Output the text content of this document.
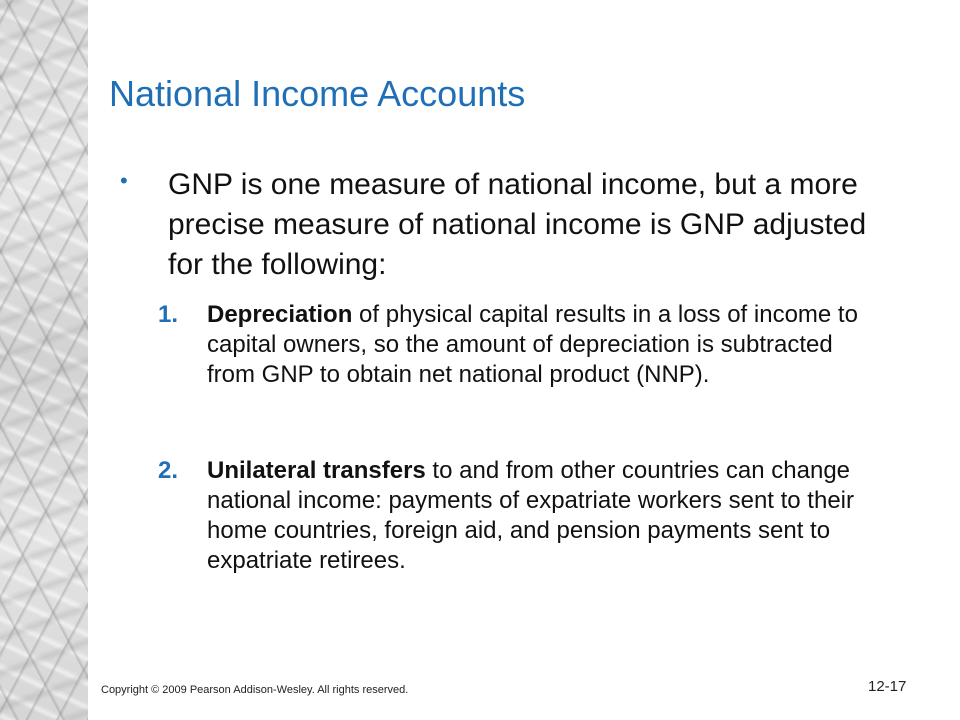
National Income Accounts
• GNP is one measure of national income, but a more precise measure of national income is GNP adjusted for the following:
1. Depreciation of physical capital results in a loss of income to capital owners, so the amount of depreciation is subtracted from GNP to obtain net national product (NNP).
2. Unilateral transfers to and from other countries can change national income: payments of expatriate workers sent to their home countries, foreign aid, and pension payments sent to expatriate retirees.
Copyright © 2009 Pearson Addison-Wesley. All rights reserved.	12-17
